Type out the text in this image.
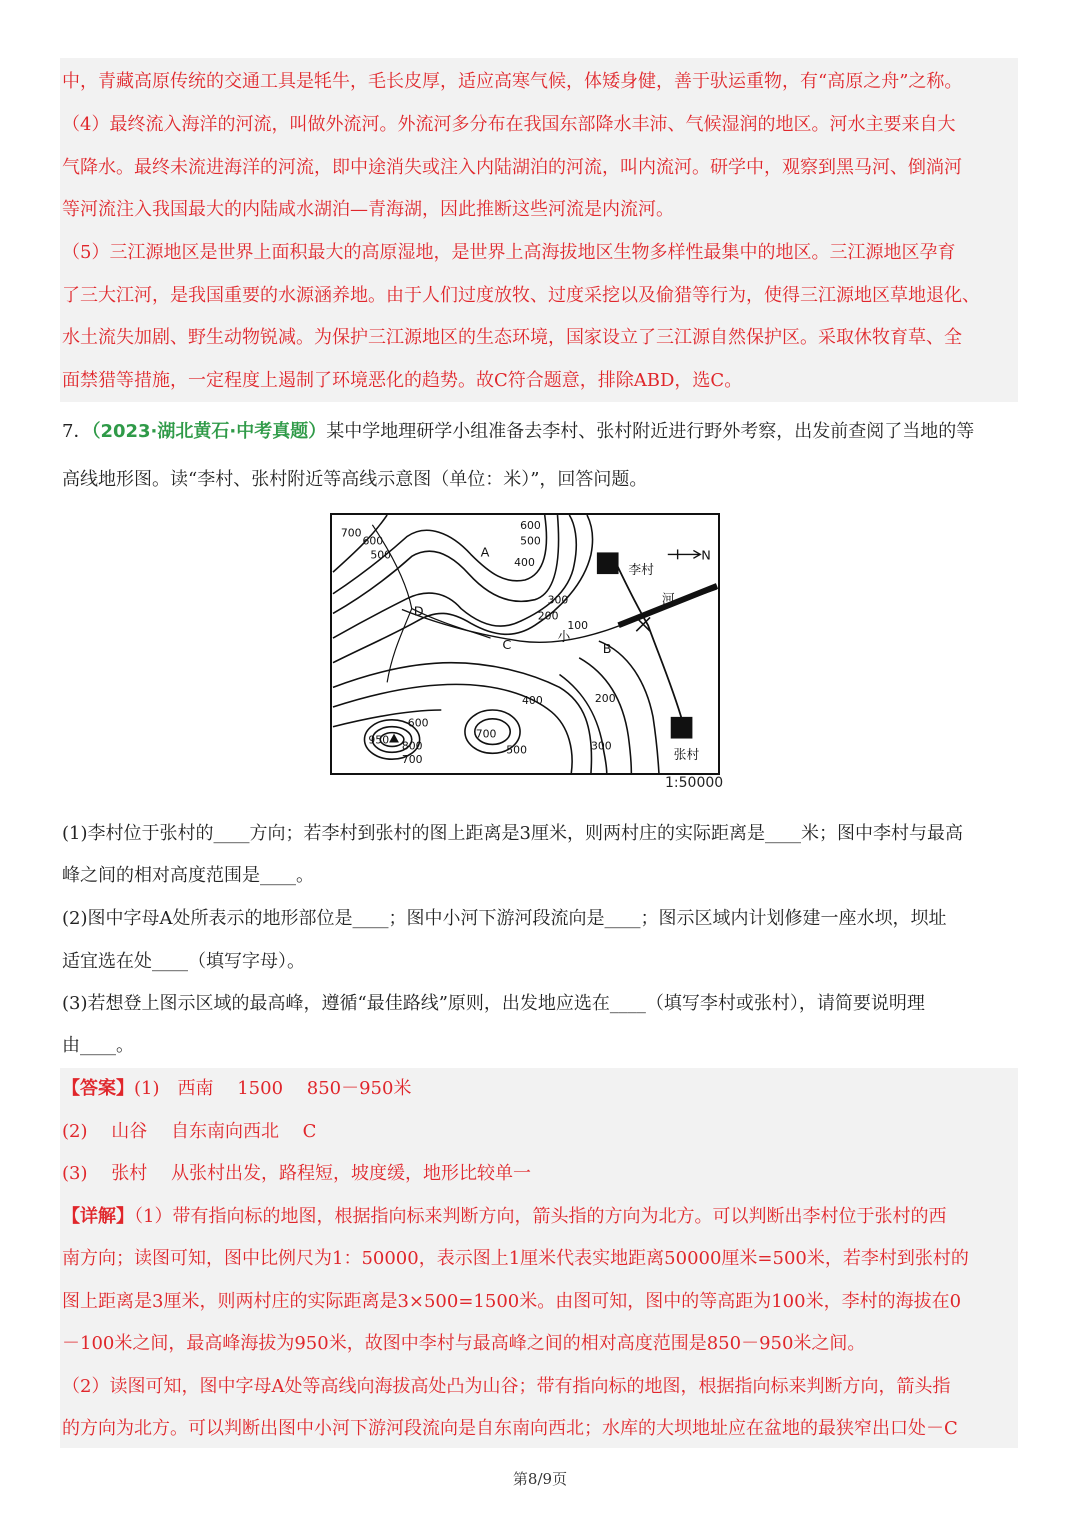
中，青藏高原传统的交通工具是牦牛，毛长皮厚，适应高寒气候，体矮身健，善于驮运重物，有“高原之舟”之称。
（4）最终流入海洋的河流，叫做外流河。外流河多分布在我国东部降水丰沛、气候湿润的地区。河水主要来自大
气降水。最终未流进海洋的河流，即中途消失或注入内陆湖泊的河流，叫内流河。研学中，观察到黑马河、倒淌河
等河流注入我国最大的内陆咸水湖泊—青海湖，因此推断这些河流是内流河。
（5）三江源地区是世界上面积最大的高原湿地，是世界上高海拔地区生物多样性最集中的地区。三江源地区孕育
了三大江河，是我国重要的水源涵养地。由于人们过度放牧、过度采挖以及偷猎等行为，使得三江源地区草地退化、
水土流失加剧、野生动物锐减。为保护三江源地区的生态环境，国家设立了三江源自然保护区。采取休牧育草、全
面禁猎等措施，一定程度上遏制了环境恶化的趋势。故C符合题意，排除ABD，选C。
7．（2023·湖北黄石·中考真题）某中学地理研学小组准备去李村、张村附近进行野外考察，出发前查阅了当地的等
高线地形图。读“李村、张村附近等高线示意图（单位：米）”，回答问题。
700
600
500
600
500
400
300
200
100
400	200
300
600
800
950
700
700
500
A
B
C
D
李村
张村
河
小
N
1:50000
(1)李村位于张村的____方向；若李村到张村的图上距离是3厘米，则两村庄的实际距离是____米；图中李村与最高
峰之间的相对高度范围是____。
(2)图中字母A处所表示的地形部位是____；图中小河下游河段流向是____；图示区域内计划修建一座水坝，坝址
适宜选在处____（填写字母）。
(3)若想登上图示区域的最高峰，遵循“最佳路线”原则，出发地应选在____（填写李村或张村），请简要说明理
由____。
【答案】(1)　西南　 1500　 850－950米
(2)　 山谷　 自东南向西北　 C
(3)　 张村　 从张村出发，路程短，坡度缓，地形比较单一
【详解】（1）带有指向标的地图，根据指向标来判断方向，箭头指的方向为北方。可以判断出李村位于张村的西
南方向；读图可知，图中比例尺为1：50000，表示图上1厘米代表实地距离50000厘米=500米，若李村到张村的
图上距离是3厘米，则两村庄的实际距离是3×500=1500米。由图可知，图中的等高距为100米，李村的海拔在0
－100米之间，最高峰海拔为950米，故图中李村与最高峰之间的相对高度范围是850－950米之间。
（2）读图可知，图中字母A处等高线向海拔高处凸为山谷；带有指向标的地图，根据指向标来判断方向，箭头指
的方向为北方。可以判断出图中小河下游河段流向是自东南向西北；水库的大坝地址应在盆地的最狭窄出口处－C
第8/9页
